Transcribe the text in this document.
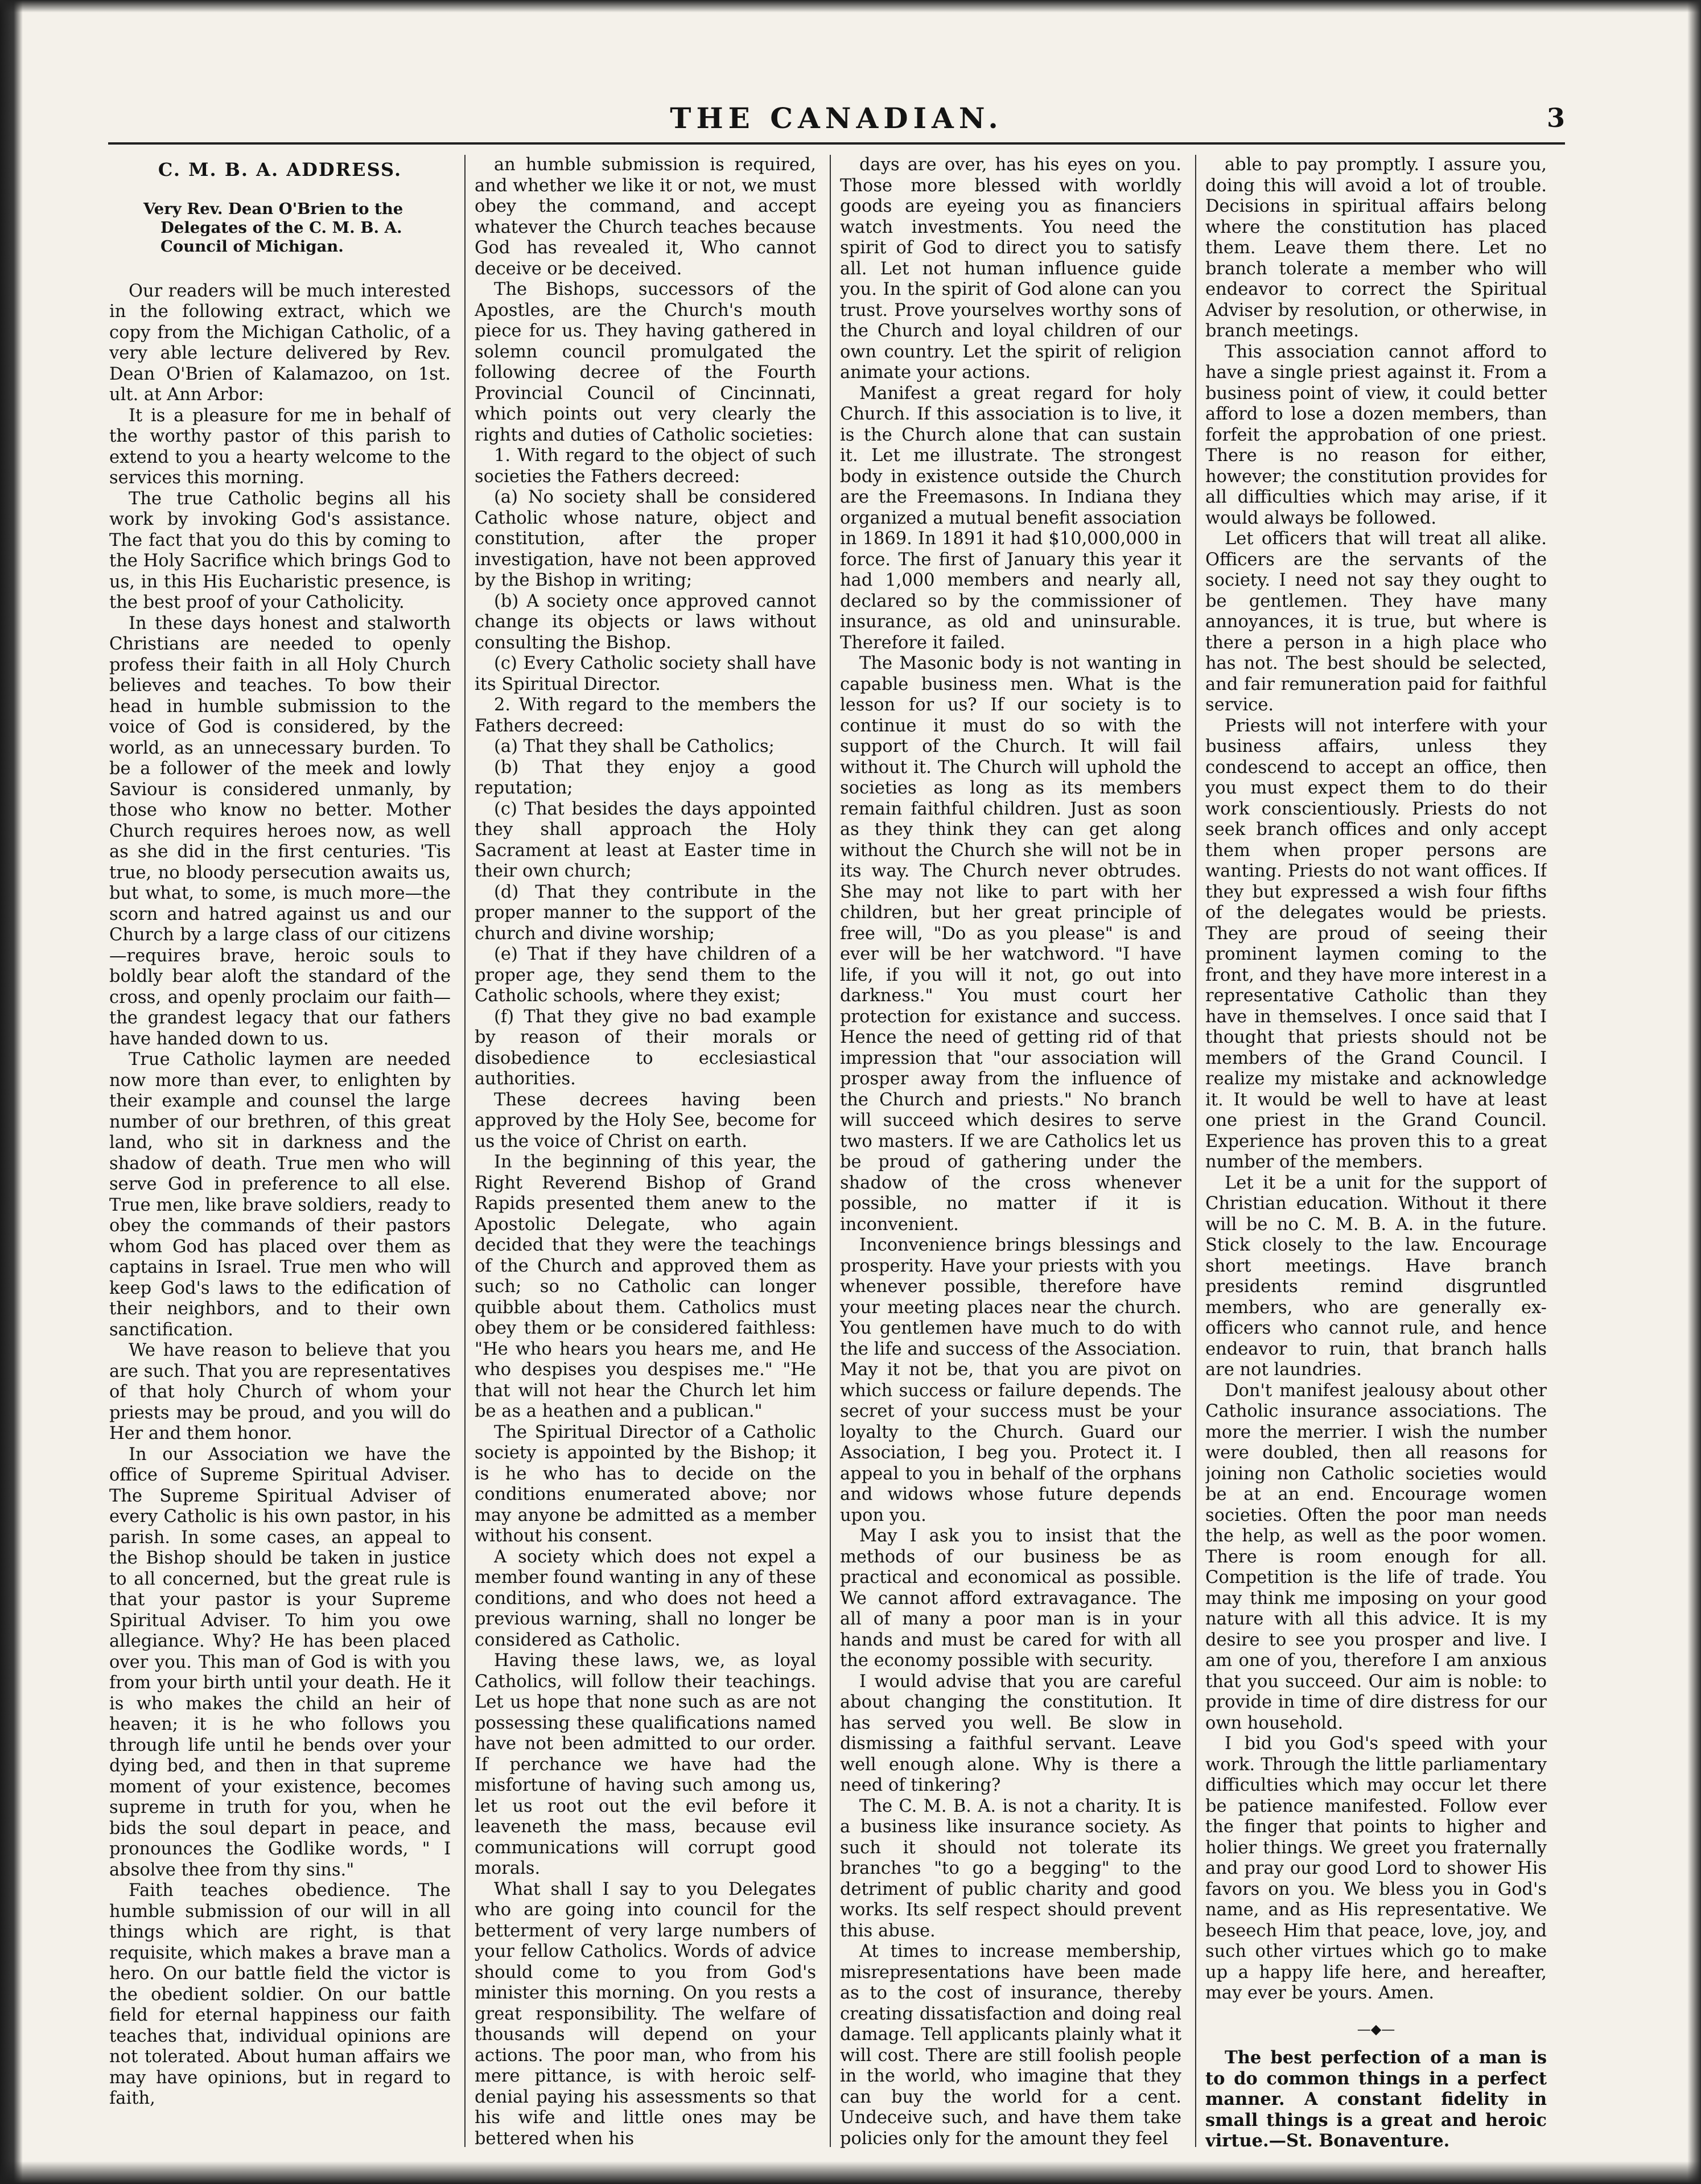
THE CANADIAN.	3
C. M. B. A. ADDRESS.
Very Rev. Dean O'Brien to the Delegates of the C. M. B. A. Council of Michigan.

Our readers will be much interested in the following extract, which we copy from the Michigan Catholic, of a very able lecture delivered by Rev. Dean O'Brien of Kalamazoo, on 1st. ult. at Ann Arbor:

It is a pleasure for me in behalf of the worthy pastor of this parish to extend to you a hearty welcome to the services this morning.

The true Catholic begins all his work by invoking God's assistance. The fact that you do this by coming to the Holy Sacrifice which brings God to us, in this His Eucharistic presence, is the best proof of your Catholicity.

In these days honest and stalworth Christians are needed to openly profess their faith in all Holy Church believes and teaches. To bow their head in humble submission to the voice of God is considered, by the world, as an unnecessary burden. To be a follower of the meek and lowly Saviour is considered unmanly, by those who know no better. Mother Church requires heroes now, as well as she did in the first centuries. 'Tis true, no bloody persecution awaits us, but what, to some, is much more—the scorn and hatred against us and our Church by a large class of our citizens—requires brave, heroic souls to boldly bear aloft the standard of the cross, and openly proclaim our faith—the grandest legacy that our fathers have handed down to us.

True Catholic laymen are needed now more than ever, to enlighten by their example and counsel the large number of our brethren, of this great land, who sit in darkness and the shadow of death. True men who will serve God in preference to all else. True men, like brave soldiers, ready to obey the commands of their pastors whom God has placed over them as captains in Israel. True men who will keep God's laws to the edification of their neighbors, and to their own sanctification.

We have reason to believe that you are such. That you are representatives of that holy Church of whom your priests may be proud, and you will do Her and them honor.

In our Association we have the office of Supreme Spiritual Adviser. The Supreme Spiritual Adviser of every Catholic is his own pastor, in his parish. In some cases, an appeal to the Bishop should be taken in justice to all concerned, but the great rule is that your pastor is your Supreme Spiritual Adviser. To him you owe allegiance. Why? He has been placed over you. This man of God is with you from your birth until your death. He it is who makes the child an heir of heaven; it is he who follows you through life until he bends over your dying bed, and then in that supreme moment of your existence, becomes supreme in truth for you, when he bids the soul depart in peace, and pronounces the Godlike words, " I absolve thee from thy sins."

Faith teaches obedience. The humble submission of our will in all things which are right, is that requisite, which makes a brave man a hero. On our battle field the victor is the obedient soldier. On our battle field for eternal happiness our faith teaches that, individual opinions are not tolerated. About human affairs we may have opinions, but in regard to faith,

an humble submission is required, and whether we like it or not, we must obey the command, and accept whatever the Church teaches because God has revealed it, Who cannot deceive or be deceived.

The Bishops, successors of the Apostles, are the Church's mouth piece for us. They having gathered in solemn council promulgated the following decree of the Fourth Provincial Council of Cincinnati, which points out very clearly the rights and duties of Catholic societies:

1. With regard to the object of such societies the Fathers decreed:

(a) No society shall be considered Catholic whose nature, object and constitution, after the proper investigation, have not been approved by the Bishop in writing;

(b) A society once approved cannot change its objects or laws without consulting the Bishop.

(c) Every Catholic society shall have its Spiritual Director.

2. With regard to the members the Fathers decreed:

(a) That they shall be Catholics;

(b) That they enjoy a good reputation;

(c) That besides the days appointed they shall approach the Holy Sacrament at least at Easter time in their own church;

(d) That they contribute in the proper manner to the support of the church and divine worship;

(e) That if they have children of a proper age, they send them to the Catholic schools, where they exist;

(f) That they give no bad example by reason of their morals or disobedience to ecclesiastical authorities.

These decrees having been approved by the Holy See, become for us the voice of Christ on earth.

In the beginning of this year, the Right Reverend Bishop of Grand Rapids presented them anew to the Apostolic Delegate, who again decided that they were the teachings of the Church and approved them as such; so no Catholic can longer quibble about them. Catholics must obey them or be considered faithless: "He who hears you hears me, and He who despises you despises me." "He that will not hear the Church let him be as a heathen and a publican."

The Spiritual Director of a Catholic society is appointed by the Bishop; it is he who has to decide on the conditions enumerated above; nor may anyone be admitted as a member without his consent.

A society which does not expel a member found wanting in any of these conditions, and who does not heed a previous warning, shall no longer be considered as Catholic.

Having these laws, we, as loyal Catholics, will follow their teachings. Let us hope that none such as are not possessing these qualifications named have not been admitted to our order. If perchance we have had the misfortune of having such among us, let us root out the evil before it leaveneth the mass, because evil communications will corrupt good morals.

What shall I say to you Delegates who are going into council for the betterment of very large numbers of your fellow Catholics. Words of advice should come to you from God's minister this morning. On you rests a great responsibility. The welfare of thousands will depend on your actions. The poor man, who from his mere pittance, is with heroic self-denial paying his assessments so that his wife and little ones may be bettered when his

days are over, has his eyes on you. Those more blessed with worldly goods are eyeing you as financiers watch investments. You need the spirit of God to direct you to satisfy all. Let not human influence guide you. In the spirit of God alone can you trust. Prove yourselves worthy sons of the Church and loyal children of our own country. Let the spirit of religion animate your actions.

Manifest a great regard for holy Church. If this association is to live, it is the Church alone that can sustain it. Let me illustrate. The strongest body in existence outside the Church are the Freemasons. In Indiana they organized a mutual benefit association in 1869. In 1891 it had $10,000,000 in force. The first of January this year it had 1,000 members and nearly all, declared so by the commissioner of insurance, as old and uninsurable. Therefore it failed.

The Masonic body is not wanting in capable business men. What is the lesson for us? If our society is to continue it must do so with the support of the Church. It will fail without it. The Church will uphold the societies as long as its members remain faithful children. Just as soon as they think they can get along without the Church she will not be in its way. The Church never obtrudes. She may not like to part with her children, but her great principle of free will, "Do as you please" is and ever will be her watchword. "I have life, if you will it not, go out into darkness." You must court her protection for existance and success. Hence the need of getting rid of that impression that "our association will prosper away from the influence of the Church and priests." No branch will succeed which desires to serve two masters. If we are Catholics let us be proud of gathering under the shadow of the cross whenever possible, no matter if it is inconvenient.

Inconvenience brings blessings and prosperity. Have your priests with you whenever possible, therefore have your meeting places near the church. You gentlemen have much to do with the life and success of the Association. May it not be, that you are pivot on which success or failure depends. The secret of your success must be your loyalty to the Church. Guard our Association, I beg you. Protect it. I appeal to you in behalf of the orphans and widows whose future depends upon you.

May I ask you to insist that the methods of our business be as practical and economical as possible. We cannot afford extravagance. The all of many a poor man is in your hands and must be cared for with all the economy possible with security.

I would advise that you are careful about changing the constitution. It has served you well. Be slow in dismissing a faithful servant. Leave well enough alone. Why is there a need of tinkering?

The C. M. B. A. is not a charity. It is a business like insurance society. As such it should not tolerate its branches "to go a begging" to the detriment of public charity and good works. Its self respect should prevent this abuse.

At times to increase membership, misrepresentations have been made as to the cost of insurance, thereby creating dissatisfaction and doing real damage. Tell applicants plainly what it will cost. There are still foolish people in the world, who imagine that they can buy the world for a cent. Undeceive such, and have them take policies only for the amount they feel

able to pay promptly. I assure you, doing this will avoid a lot of trouble. Decisions in spiritual affairs belong where the constitution has placed them. Leave them there. Let no branch tolerate a member who will endeavor to correct the Spiritual Adviser by resolution, or otherwise, in branch meetings.

This association cannot afford to have a single priest against it. From a business point of view, it could better afford to lose a dozen members, than forfeit the approbation of one priest. There is no reason for either, however; the constitution provides for all difficulties which may arise, if it would always be followed.

Let officers that will treat all alike. Officers are the servants of the society. I need not say they ought to be gentlemen. They have many annoyances, it is true, but where is there a person in a high place who has not. The best should be selected, and fair remuneration paid for faithful service.

Priests will not interfere with your business affairs, unless they condescend to accept an office, then you must expect them to do their work conscientiously. Priests do not seek branch offices and only accept them when proper persons are wanting. Priests do not want offices. If they but expressed a wish four fifths of the delegates would be priests. They are proud of seeing their prominent laymen coming to the front, and they have more interest in a representative Catholic than they have in themselves. I once said that I thought that priests should not be members of the Grand Council. I realize my mistake and acknowledge it. It would be well to have at least one priest in the Grand Council. Experience has proven this to a great number of the members.

Let it be a unit for the support of Christian education. Without it there will be no C. M. B. A. in the future. Stick closely to the law. Encourage short meetings. Have branch presidents remind disgruntled members, who are generally ex-officers who cannot rule, and hence endeavor to ruin, that branch halls are not laundries.

Don't manifest jealousy about other Catholic insurance associations. The more the merrier. I wish the number were doubled, then all reasons for joining non Catholic societies would be at an end. Encourage women societies. Often the poor man needs the help, as well as the poor women. There is room enough for all. Competition is the life of trade. You may think me imposing on your good nature with all this advice. It is my desire to see you prosper and live. I am one of you, therefore I am anxious that you succeed. Our aim is noble: to provide in time of dire distress for our own household.

I bid you God's speed with your work. Through the little parliamentary difficulties which may occur let there be patience manifested. Follow ever the finger that points to higher and holier things. We greet you fraternally and pray our good Lord to shower His favors on you. We bless you in God's name, and as His representative. We beseech Him that peace, love, joy, and such other virtues which go to make up a happy life here, and hereafter, may ever be yours. Amen.

—◆—

The best perfection of a man is to do common things in a perfect manner. A constant fidelity in small things is a great and heroic virtue.—St. Bonaventure.
